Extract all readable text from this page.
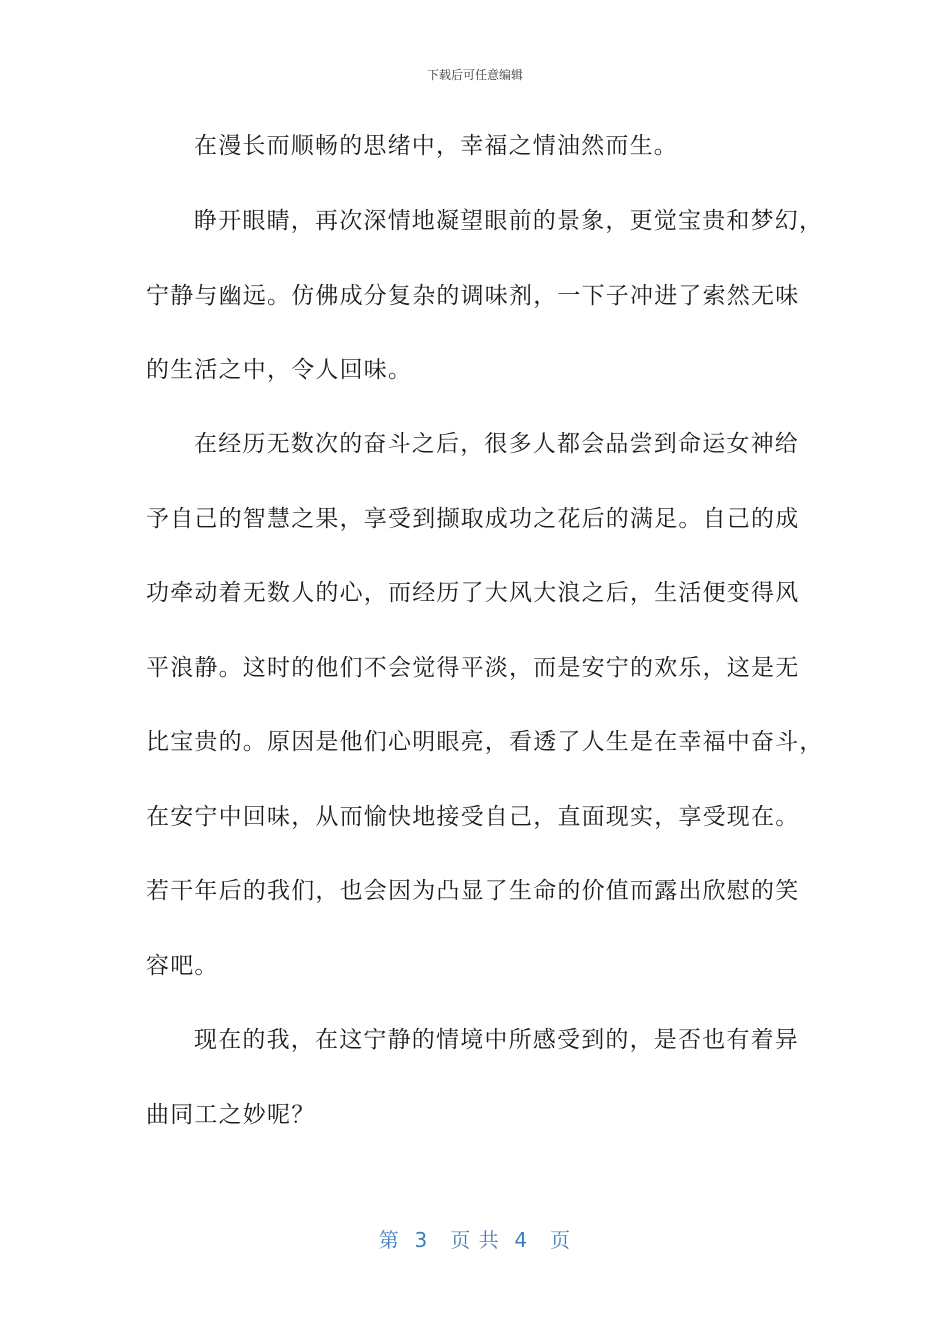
下载后可任意编辑
在漫长而顺畅的思绪中，幸福之情油然而生。
睁开眼睛，再次深情地凝望眼前的景象，更觉宝贵和梦幻，
宁静与幽远。仿佛成分复杂的调味剂，一下子冲进了索然无味
的生活之中，令人回味。
在经历无数次的奋斗之后，很多人都会品尝到命运女神给
予自己的智慧之果，享受到撷取成功之花后的满足。自己的成
功牵动着无数人的心，而经历了大风大浪之后，生活便变得风
平浪静。这时的他们不会觉得平淡，而是安宁的欢乐，这是无
比宝贵的。原因是他们心明眼亮，看透了人生是在幸福中奋斗，
在安宁中回味，从而愉快地接受自己，直面现实，享受现在。
若干年后的我们，也会因为凸显了生命的价值而露出欣慰的笑
容吧。
现在的我，在这宁静的情境中所感受到的，是否也有着异
曲同工之妙呢？
第  3   页 共  4   页
